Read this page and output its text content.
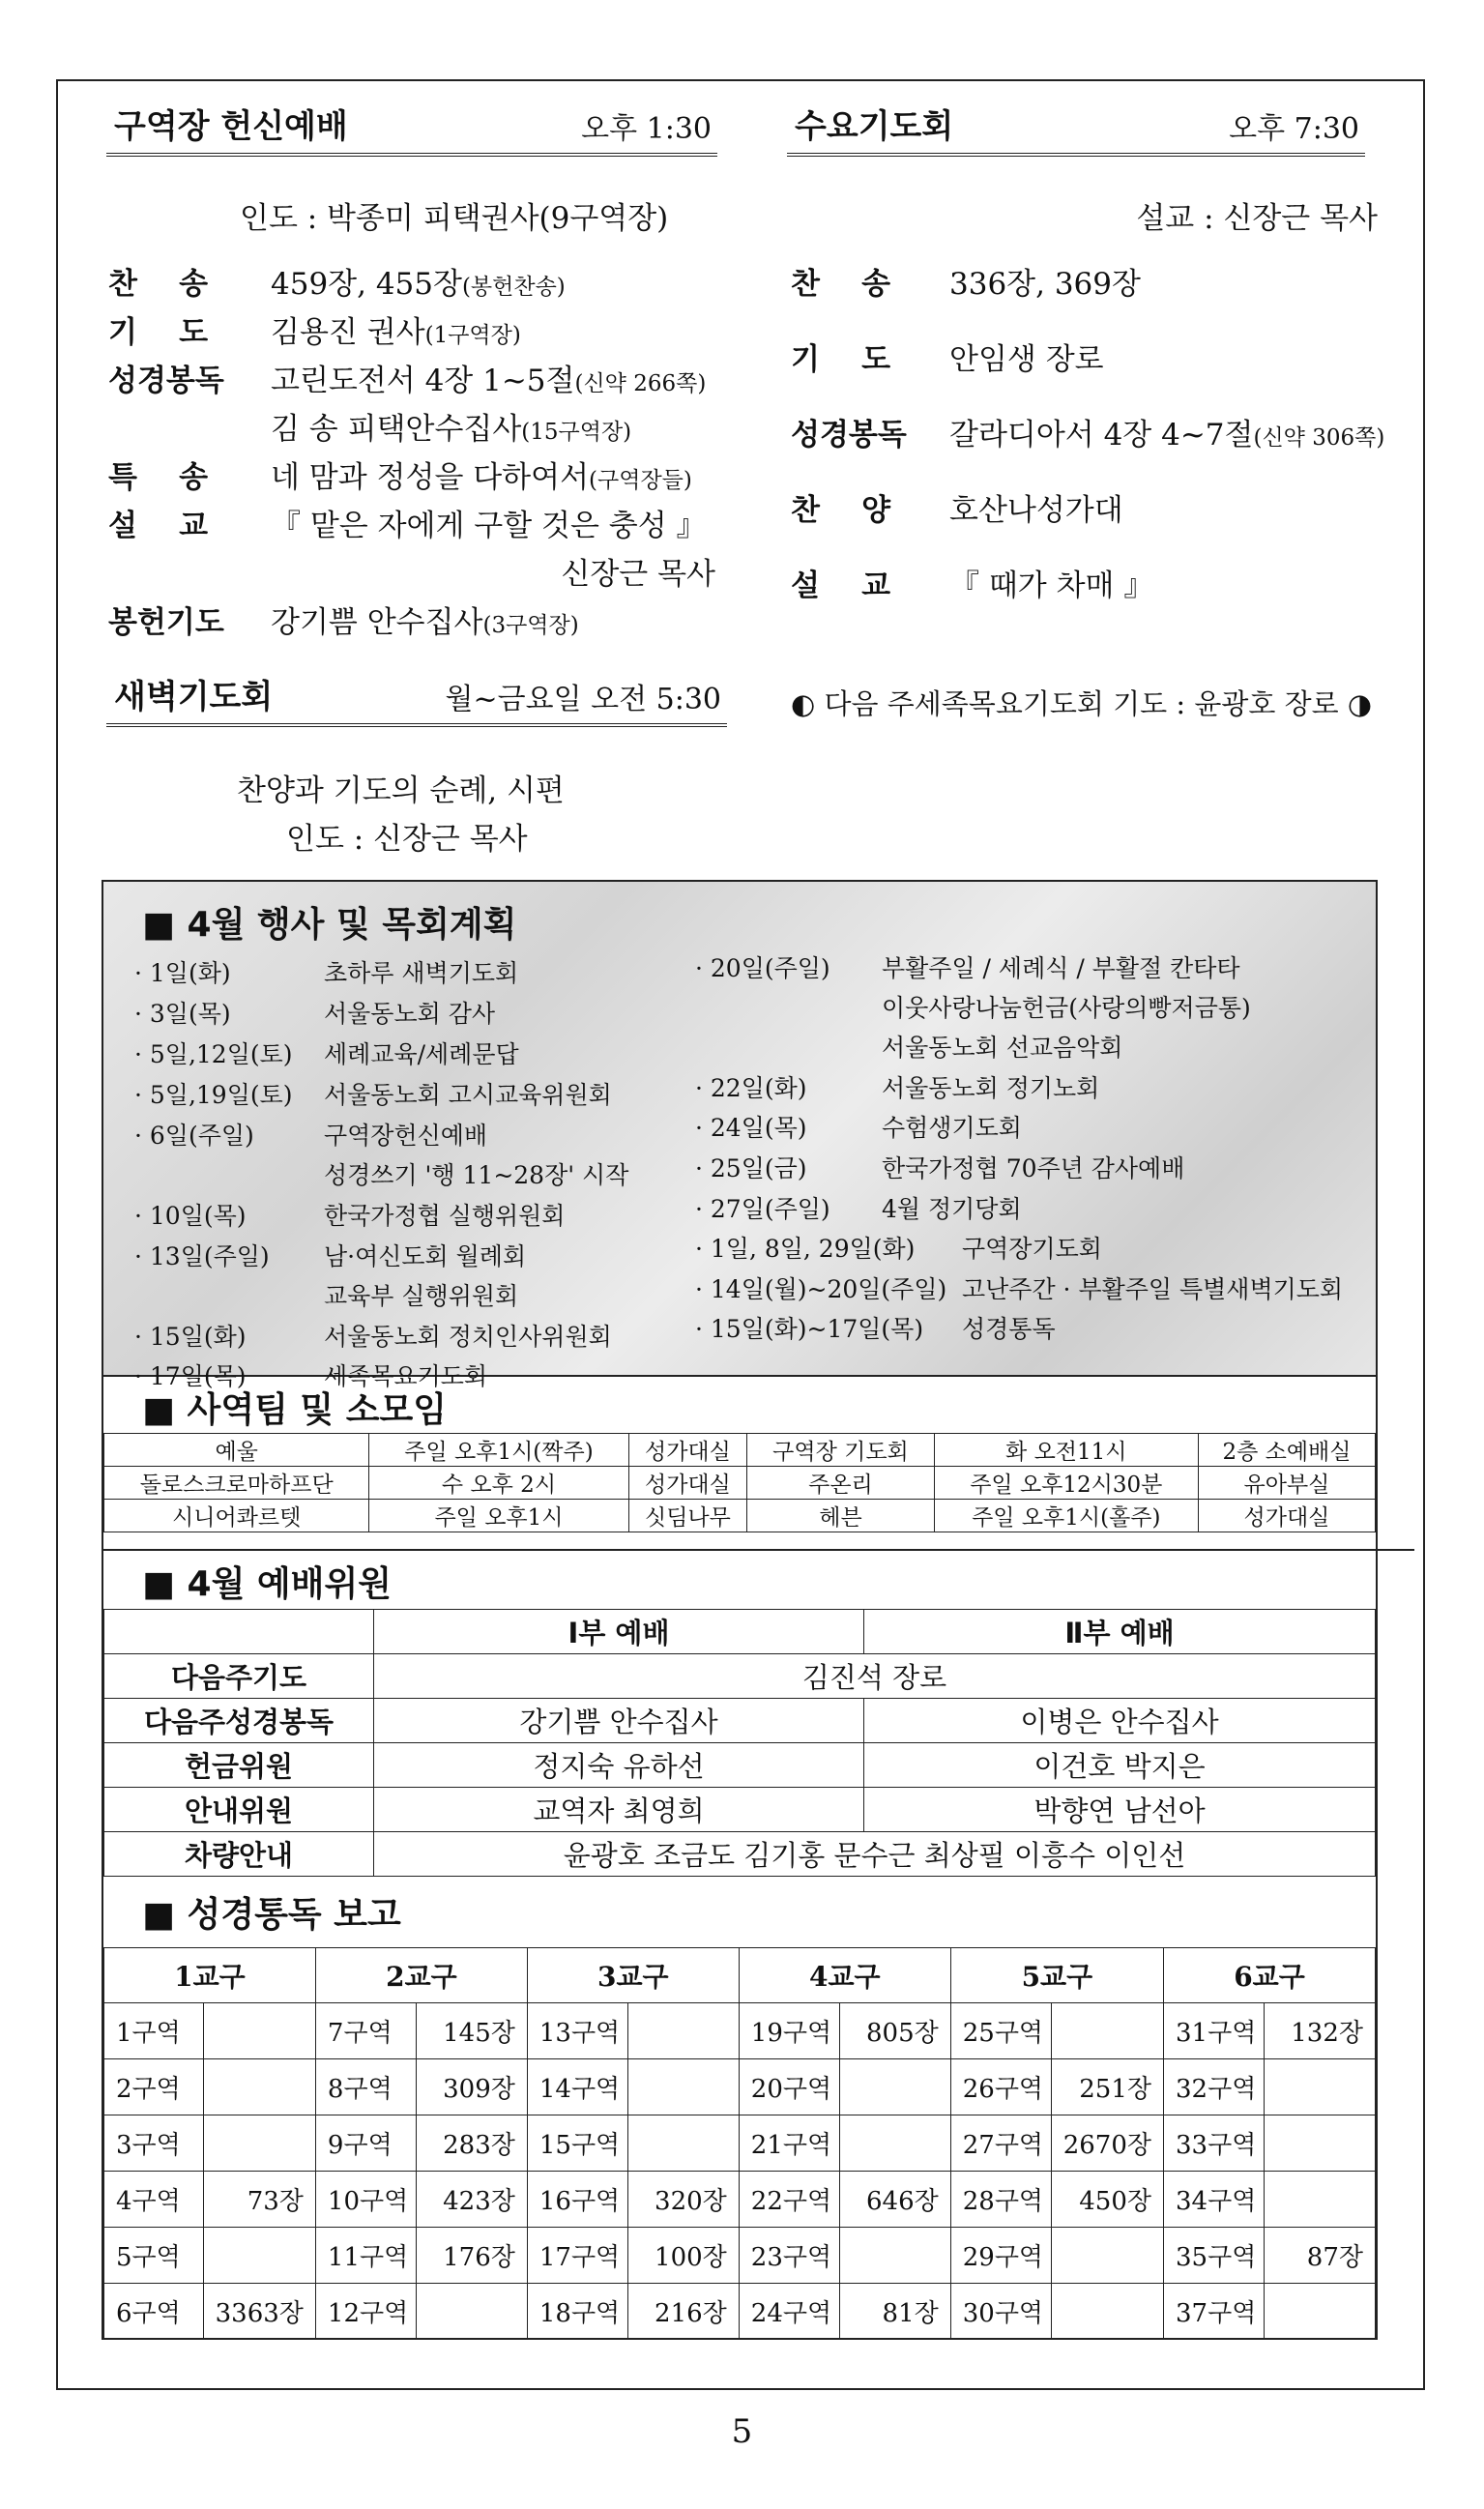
구역장 헌신예배	오후 1:30
인도 : 박종미 피택권사(9구역장)
찬    송 459장, 455장(봉헌찬송)
기    도 김용진 권사(1구역장)
성경봉독 고린도전서 4장 1~5절(신약 266쪽)
김 송 피택안수집사(15구역장)
특    송 네 맘과 정성을 다하여서(구역장들)
설    교 『 맡은 자에게 구할 것은 충성 』
신장근 목사
봉헌기도 강기쁨 안수집사(3구역장)
수요기도회	오후 7:30
설교 : 신장근 목사
찬    송 336장, 369장
기    도 안임생 장로
성경봉독 갈라디아서 4장 4~7절(신약 306쪽)
찬    양 호산나성가대
설    교 『 때가 차매 』
◐ 다음 주세족목요기도회 기도 : 윤광호 장로 ◑
새벽기도회	월~금요일 오전 5:30
찬양과 기도의 순례, 시편
인도 : 신장근 목사
■ 4월 행사 및 목회계획
· 1일(화)	초하루 새벽기도회
· 3일(목)	서울동노회 감사
· 5일,12일(토) 세례교육/세례문답
· 5일,19일(토) 서울동노회 고시교육위원회
· 6일(주일)	구역장헌신예배
성경쓰기 '행 11~28장' 시작
· 10일(목)	한국가정협 실행위원회
· 13일(주일) 남·여신도회 월례회
교육부 실행위원회
· 15일(화)	서울동노회 정치인사위원회
· 17일(목)	세족목요기도회
· 20일(주일) 부활주일 / 세례식 / 부활절 칸타타
이웃사랑나눔헌금(사랑의빵저금통)
서울동노회 선교음악회
· 22일(화)	서울동노회 정기노회
· 24일(목)	수험생기도회
· 25일(금)	한국가정협 70주년 감사예배
· 27일(주일) 4월 정기당회
· 1일, 8일, 29일(화) 구역장기도회
· 14일(월)~20일(주일) 고난주간 · 부활주일 특별새벽기도회
· 15일(화)~17일(목) 성경통독
■ 사역팀 및 소모임
예울	주일 오후1시(짝주)	성가대실	구역장 기도회	화 오전11시	2층 소예배실
돌로스크로마하프단	수 오후 2시	성가대실	주온리	주일 오후12시30분	유아부실
시니어콰르텟	주일 오후1시	싯딤나무	헤븐	주일 오후1시(홀주)	성가대실
■ 4월 예배위원
	Ⅰ부 예배	Ⅱ부 예배
다음주기도	김진석 장로	
다음주성경봉독	강기쁨 안수집사	이병은 안수집사
헌금위원	정지숙 유하선	이건호 박지은
안내위원	교역자 최영희	박향연 남선아
차량안내	윤광호 조금도 김기홍 문수근 최상필 이흥수 이인선	
■ 성경통독 보고
1교구		2교구		3교구		4교구		5교구		6교구	
1구역		7구역	145장	13구역		19구역	805장	25구역		31구역	132장
2구역		8구역	309장	14구역		20구역		26구역	251장	32구역	
3구역		9구역	283장	15구역		21구역		27구역	2670장	33구역	
4구역	73장	10구역	423장	16구역	320장	22구역	646장	28구역	450장	34구역	
5구역		11구역	176장	17구역	100장	23구역		29구역		35구역	87장
6구역	3363장	12구역		18구역	216장	24구역	81장	30구역		37구역	
5
